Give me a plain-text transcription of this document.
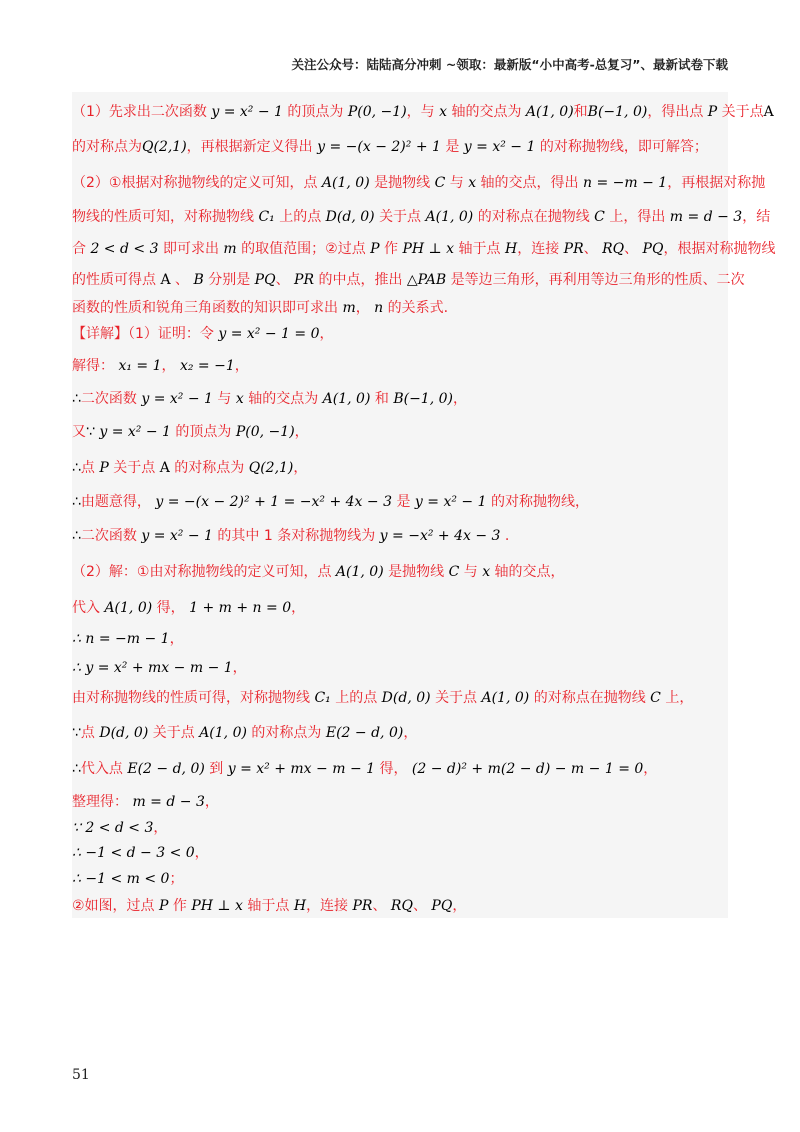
关注公众号：陆陆高分冲刺 ~领取：最新版“小中高考-总复习”、最新试卷下载
（1）先求出二次函数 y = x² − 1 的顶点为 P(0, −1)，与 x 轴的交点为 A(1, 0)和B(−1, 0)，得出点 P 关于点A
的对称点为Q(2,1)，再根据新定义得出 y = −(x − 2)² + 1 是 y = x² − 1 的对称抛物线，即可解答；
（2）①根据对称抛物线的定义可知，点 A(1, 0) 是抛物线 C 与 x 轴的交点，得出 n = −m − 1，再根据对称抛
物线的性质可知，对称抛物线 C₁ 上的点 D(d, 0) 关于点 A(1, 0) 的对称点在抛物线 C 上，得出 m = d − 3，结
合 2 < d < 3 即可求出 m 的取值范围；②过点 P 作 PH ⊥ x 轴于点 H，连接 PR、 RQ、 PQ，根据对称抛物线
的性质可得点 A 、 B 分别是 PQ、 PR 的中点，推出 △PAB 是等边三角形，再利用等边三角形的性质、二次
函数的性质和锐角三角函数的知识即可求出 m， n 的关系式.
【详解】（1）证明：令 y = x² − 1 = 0，
解得： x₁ = 1， x₂ = −1，
∴二次函数 y = x² − 1 与 x 轴的交点为 A(1, 0) 和 B(−1, 0)，
又∵ y = x² − 1 的顶点为 P(0, −1)，
∴点 P 关于点 A 的对称点为 Q(2,1)，
∴由题意得， y = −(x − 2)² + 1 = −x² + 4x − 3 是 y = x² − 1 的对称抛物线，
∴二次函数 y = x² − 1 的其中 1 条对称抛物线为 y = −x² + 4x − 3 .
（2）解：①由对称抛物线的定义可知，点 A(1, 0) 是抛物线 C 与 x 轴的交点，
代入 A(1, 0) 得， 1 + m + n = 0，
∴ n = −m − 1，
∴ y = x² + mx − m − 1，
由对称抛物线的性质可得，对称抛物线 C₁ 上的点 D(d, 0) 关于点 A(1, 0) 的对称点在抛物线 C 上，
∵点 D(d, 0) 关于点 A(1, 0) 的对称点为 E(2 − d, 0)，
∴代入点 E(2 − d, 0) 到 y = x² + mx − m − 1 得， (2 − d)² + m(2 − d) − m − 1 = 0，
整理得： m = d − 3，
∵ 2 < d < 3，
∴ −1 < d − 3 < 0，
∴ −1 < m < 0；
②如图，过点 P 作 PH ⊥ x 轴于点 H，连接 PR、 RQ、 PQ，
51
